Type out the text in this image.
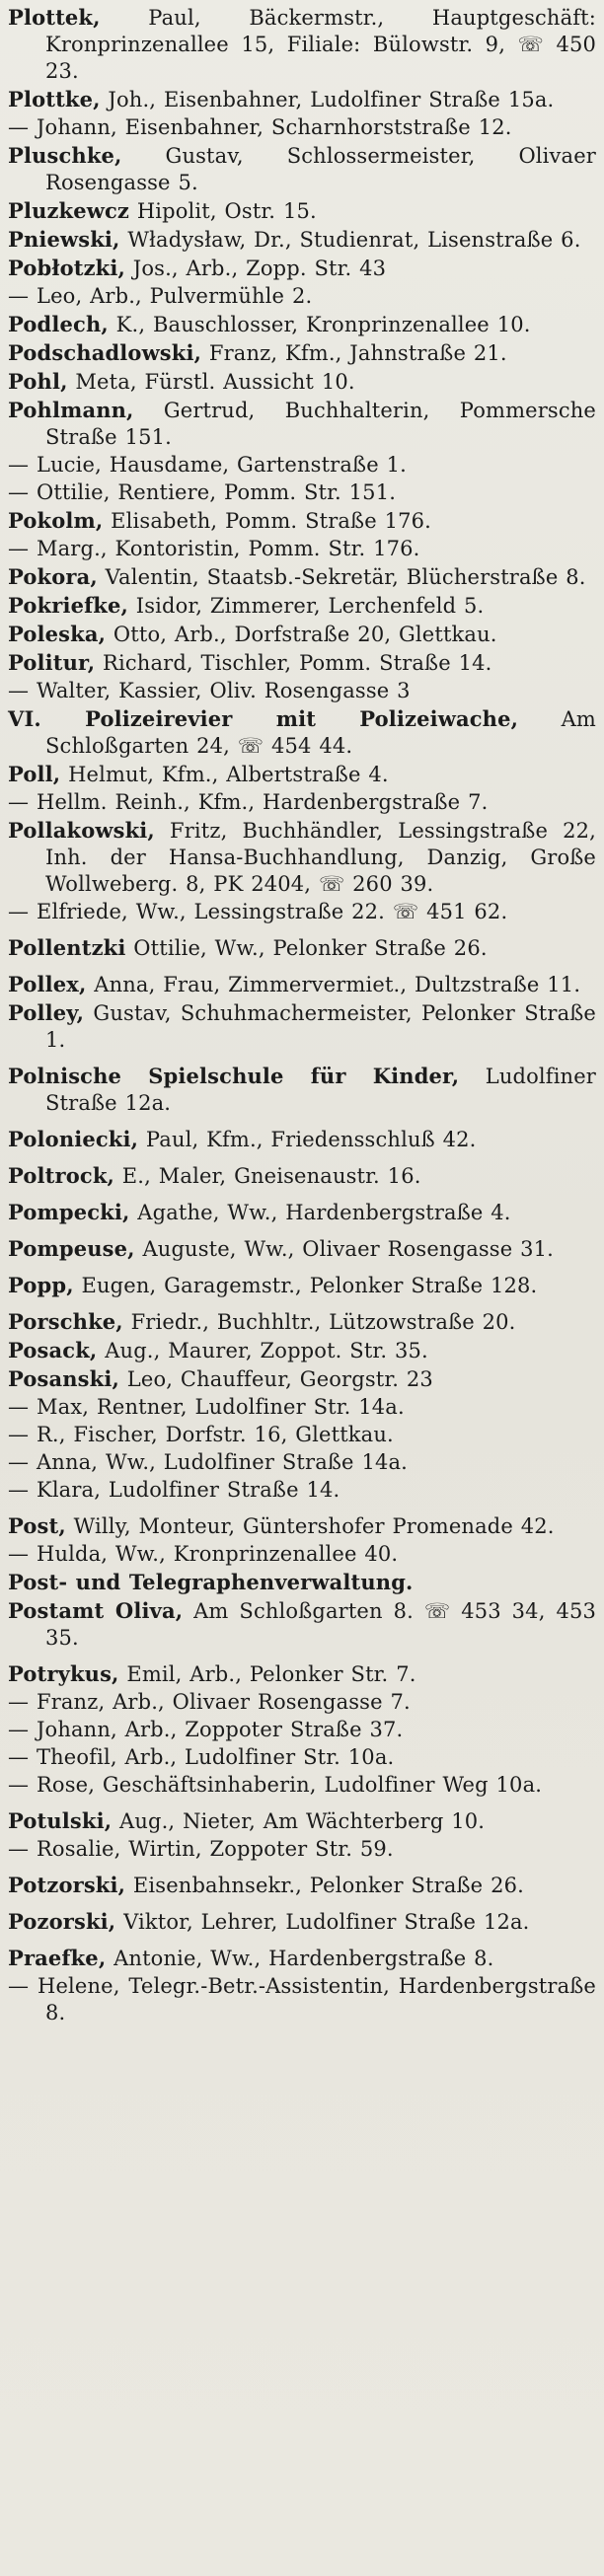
Plottek, Paul, Bäckermstr., Hauptgeschäft: Kronprinzenallee 15, Filiale: Bülowstr. 9, ☏ 450 23.
Plottke, Joh., Eisenbahner, Ludolfiner Straße 15a.
— Johann, Eisenbahner, Scharnhorststraße 12.
Pluschke, Gustav, Schlossermeister, Olivaer Rosengasse 5.
Pluzkewcz Hipolit, Ostr. 15.
Pniewski, Władysław, Dr., Studienrat, Lisenstraße 6.
Pobłotzki, Jos., Arb., Zopp. Str. 43
— Leo, Arb., Pulvermühle 2.
Podlech, K., Bauschlosser, Kronprinzenallee 10.
Podschadlowski, Franz, Kfm., Jahnstraße 21.
Pohl, Meta, Fürstl. Aussicht 10.
Pohlmann, Gertrud, Buchhalterin, Pommersche Straße 151.
— Lucie, Hausdame, Gartenstraße 1.
— Ottilie, Rentiere, Pomm. Str. 151.
Pokolm, Elisabeth, Pomm. Straße 176.
— Marg., Kontoristin, Pomm. Str. 176.
Pokora, Valentin, Staatsb.-Sekretär, Blücherstraße 8.
Pokriefke, Isidor, Zimmerer, Lerchenfeld 5.
Poleska, Otto, Arb., Dorfstraße 20, Glettkau.
Politur, Richard, Tischler, Pomm. Straße 14.
— Walter, Kassier, Oliv. Rosengasse 3
VI. Polizeirevier mit Polizeiwache, Am Schloßgarten 24, ☏ 454 44.
Poll, Helmut, Kfm., Albertstraße 4.
— Hellm. Reinh., Kfm., Hardenbergstraße 7.
Pollakowski, Fritz, Buchhändler, Lessingstraße 22, Inh. der Hansa-Buchhandlung, Danzig, Große Wollweberg. 8, PK 2404, ☏ 260 39.
— Elfriede, Ww., Lessingstraße 22. ☏ 451 62.
Pollentzki Ottilie, Ww., Pelonker Straße 26.
Pollex, Anna, Frau, Zimmervermiet., Dultzstraße 11.
Polley, Gustav, Schuhmachermeister, Pelonker Straße 1.
Polnische Spielschule für Kinder, Ludolfiner Straße 12a.
Poloniecki, Paul, Kfm., Friedensschluß 42.
Poltrock, E., Maler, Gneisenaustr. 16.
Pompecki, Agathe, Ww., Hardenbergstraße 4.
Pompeuse, Auguste, Ww., Olivaer Rosengasse 31.
Popp, Eugen, Garagemstr., Pelonker Straße 128.
Porschke, Friedr., Buchhltr., Lützowstraße 20.
Posack, Aug., Maurer, Zoppot. Str. 35.
Posanski, Leo, Chauffeur, Georgstr. 23
— Max, Rentner, Ludolfiner Str. 14a.
— R., Fischer, Dorfstr. 16, Glettkau.
— Anna, Ww., Ludolfiner Straße 14a.
— Klara, Ludolfiner Straße 14.
Post, Willy, Monteur, Güntershofer Promenade 42.
— Hulda, Ww., Kronprinzenallee 40.
Post- und Telegraphenverwaltung.
Postamt Oliva, Am Schloßgarten 8. ☏ 453 34, 453 35.
Potrykus, Emil, Arb., Pelonker Str. 7.
— Franz, Arb., Olivaer Rosengasse 7.
— Johann, Arb., Zoppoter Straße 37.
— Theofil, Arb., Ludolfiner Str. 10a.
— Rose, Geschäftsinhaberin, Ludolfiner Weg 10a.
Potulski, Aug., Nieter, Am Wächterberg 10.
— Rosalie, Wirtin, Zoppoter Str. 59.
Potzorski, Eisenbahnsekr., Pelonker Straße 26.
Pozorski, Viktor, Lehrer, Ludolfiner Straße 12a.
Praefke, Antonie, Ww., Hardenbergstraße 8.
— Helene, Telegr.-Betr.-Assistentin, Hardenbergstraße 8.
